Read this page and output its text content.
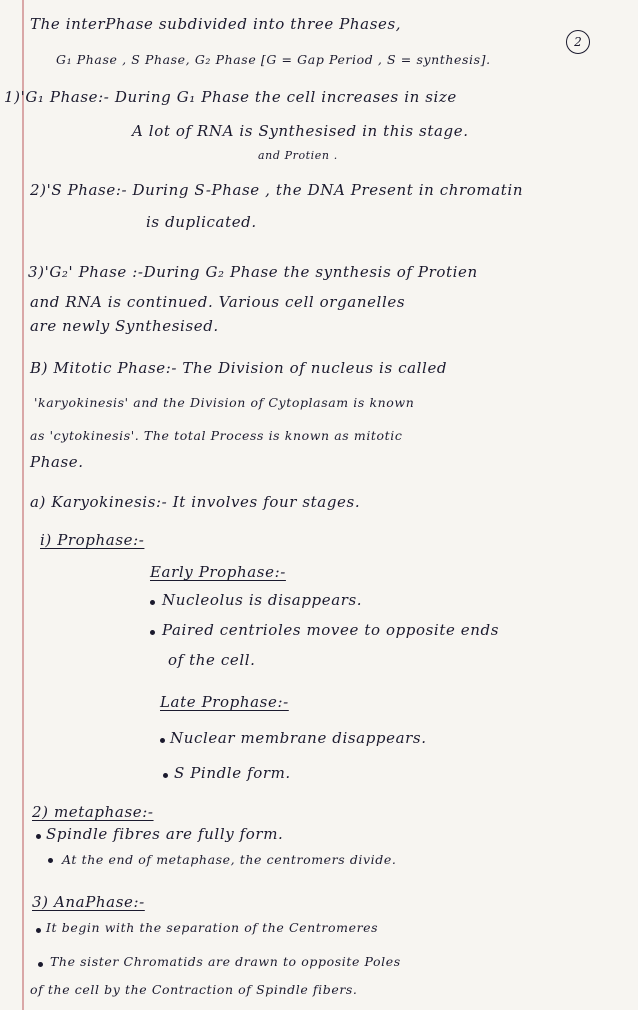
2
The interPhase subdivided into three Phases,
G₁ Phase , S Phase, G₂ Phase [G = Gap Period , S = synthesis].
1)'G₁ Phase:- During G₁ Phase the cell increases in size
A lot of RNA is Synthesised in this stage.
and Protien .
2)'S Phase:- During S-Phase , the DNA Present in chromatin
is duplicated.
3)'G₂' Phase :-During G₂ Phase the synthesis of Protien
and RNA is continued. Various cell organelles
are newly Synthesised.
B) Mitotic Phase:- The Division of nucleus is called
'karyokinesis' and the Division of Cytoplasam is known
as 'cytokinesis'. The total Process is known as mitotic
Phase.
a) Karyokinesis:- It involves four stages.
i) Prophase:-
Early Prophase:-
Nucleolus is disappears.
Paired centrioles movee to opposite ends
of the cell.
Late Prophase:-
Nuclear membrane disappears.
S Pindle form.
2) metaphase:-
Spindle fibres are fully form.
At the end of metaphase, the centromers divide.
3) AnaPhase:-
It begin with the separation of the Centromeres
The sister Chromatids are drawn to opposite Poles
of the cell by the Contraction of Spindle fibers.
